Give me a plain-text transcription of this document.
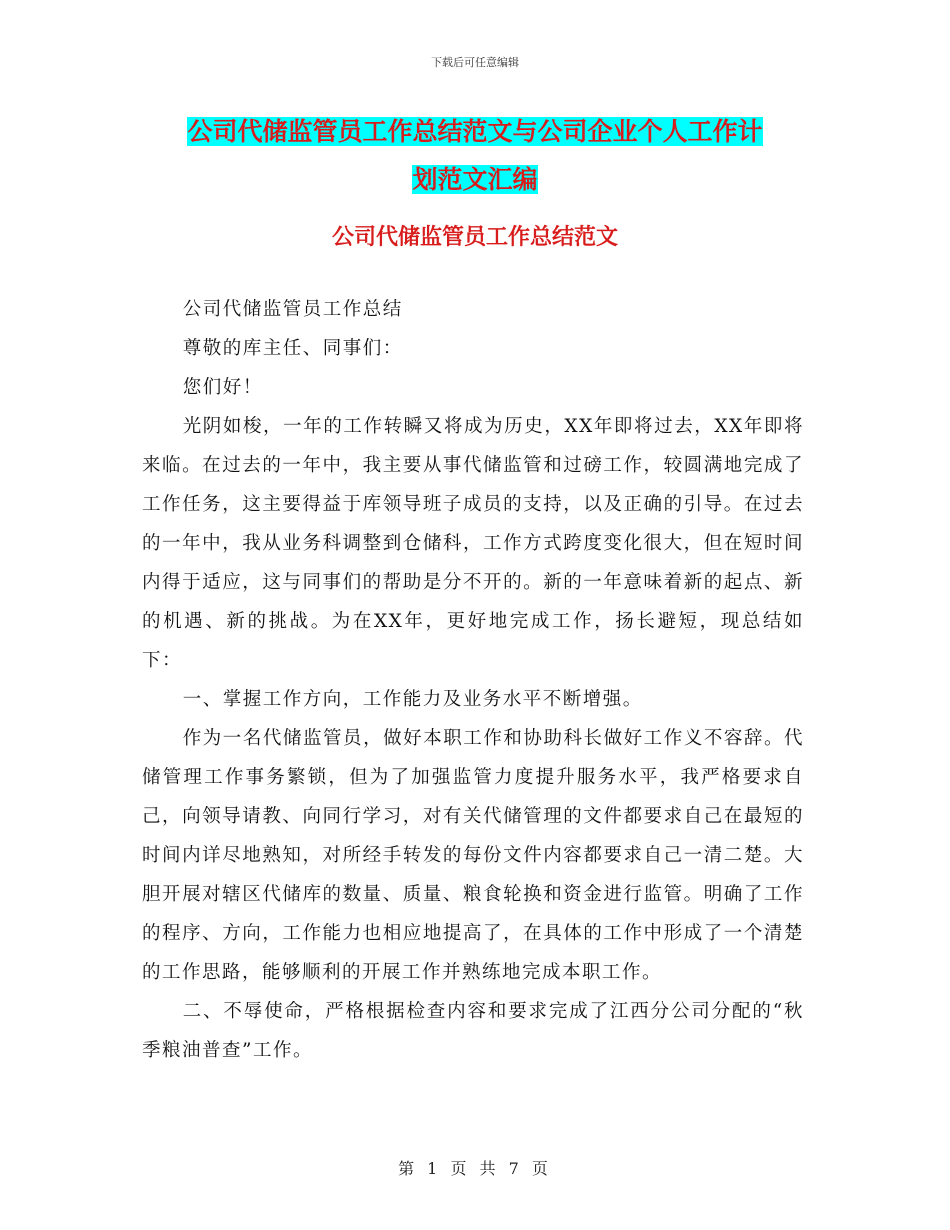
下载后可任意编辑
公司代储监管员工作总结范文与公司企业个人工作计
划范文汇编
公司代储监管员工作总结范文

公司代储监管员工作总结

尊敬的库主任、同事们：

您们好！

光阴如梭，一年的工作转瞬又将成为历史，XX年即将过去，XX年即将来临。在过去的一年中，我主要从事代储监管和过磅工作，较圆满地完成了工作任务，这主要得益于库领导班子成员的支持，以及正确的引导。在过去的一年中，我从业务科调整到仓储科，工作方式跨度变化很大，但在短时间内得于适应，这与同事们的帮助是分不开的。新的一年意味着新的起点、新的机遇、新的挑战。为在XX年，更好地完成工作，扬长避短，现总结如下：

一、掌握工作方向，工作能力及业务水平不断增强。

作为一名代储监管员，做好本职工作和协助科长做好工作义不容辞。代储管理工作事务繁锁，但为了加强监管力度提升服务水平，我严格要求自己，向领导请教、向同行学习，对有关代储管理的文件都要求自己在最短的时间内详尽地熟知，对所经手转发的每份文件内容都要求自己一清二楚。大胆开展对辖区代储库的数量、质量、粮食轮换和资金进行监管。明确了工作的程序、方向，工作能力也相应地提高了，在具体的工作中形成了一个清楚的工作思路，能够顺利的开展工作并熟练地完成本职工作。

二、不辱使命，严格根据检查内容和要求完成了江西分公司分配的“秋季粮油普查”工作。

第 1 页 共 7 页
